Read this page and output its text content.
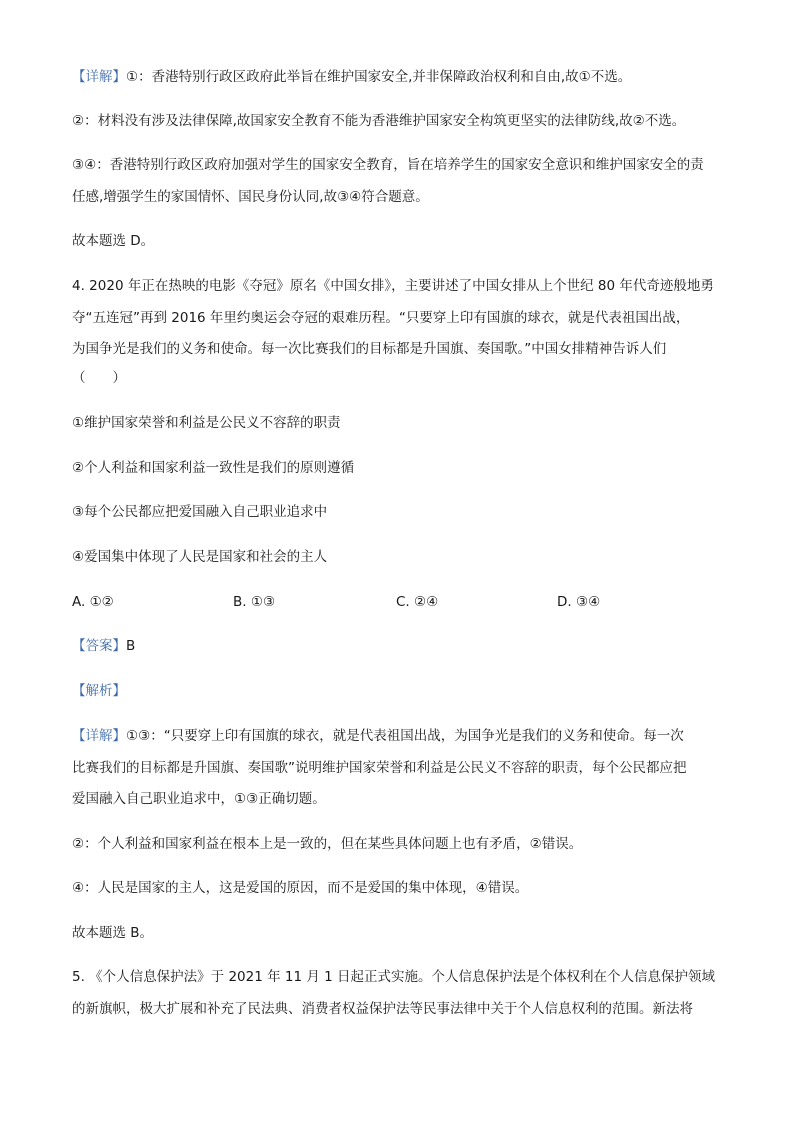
【详解】①：香港特别行政区政府此举旨在维护国家安全,并非保障政治权利和自由,故①不选。
②：材料没有涉及法律保障,故国家安全教育不能为香港维护国家安全构筑更坚实的法律防线,故②不选。
③④：香港特别行政区政府加强对学生的国家安全教育，旨在培养学生的国家安全意识和维护国家安全的责
任感,增强学生的家国情怀、国民身份认同,故③④符合题意。
故本题选 D。
4. 2020 年正在热映的电影《夺冠》原名《中国女排》，主要讲述了中国女排从上个世纪 80 年代奇迹般地勇
夺“五连冠”再到 2016 年里约奥运会夺冠的艰难历程。“只要穿上印有国旗的球衣，就是代表祖国出战，
为国争光是我们的义务和使命。每一次比赛我们的目标都是升国旗、奏国歌。”中国女排精神告诉人们
（　　）
①维护国家荣誉和利益是公民义不容辞的职责
②个人利益和国家利益一致性是我们的原则遵循
③每个公民都应把爱国融入自己职业追求中
④爱国集中体现了人民是国家和社会的主人
A. ①②	B. ①③	C. ②④	D. ③④
【答案】B
【解析】
【详解】①③：“只要穿上印有国旗的球衣，就是代表祖国出战，为国争光是我们的义务和使命。每一次
比赛我们的目标都是升国旗、奏国歌”说明维护国家荣誉和利益是公民义不容辞的职责，每个公民都应把
爱国融入自己职业追求中，①③正确切题。
②：个人利益和国家利益在根本上是一致的，但在某些具体问题上也有矛盾，②错误。
④：人民是国家的主人，这是爱国的原因，而不是爱国的集中体现，④错误。
故本题选 B。
5. 《个人信息保护法》于 2021 年 11 月 1 日起正式实施。个人信息保护法是个体权利在个人信息保护领域
的新旗帜，极大扩展和补充了民法典、消费者权益保护法等民事法律中关于个人信息权利的范围。新法将
